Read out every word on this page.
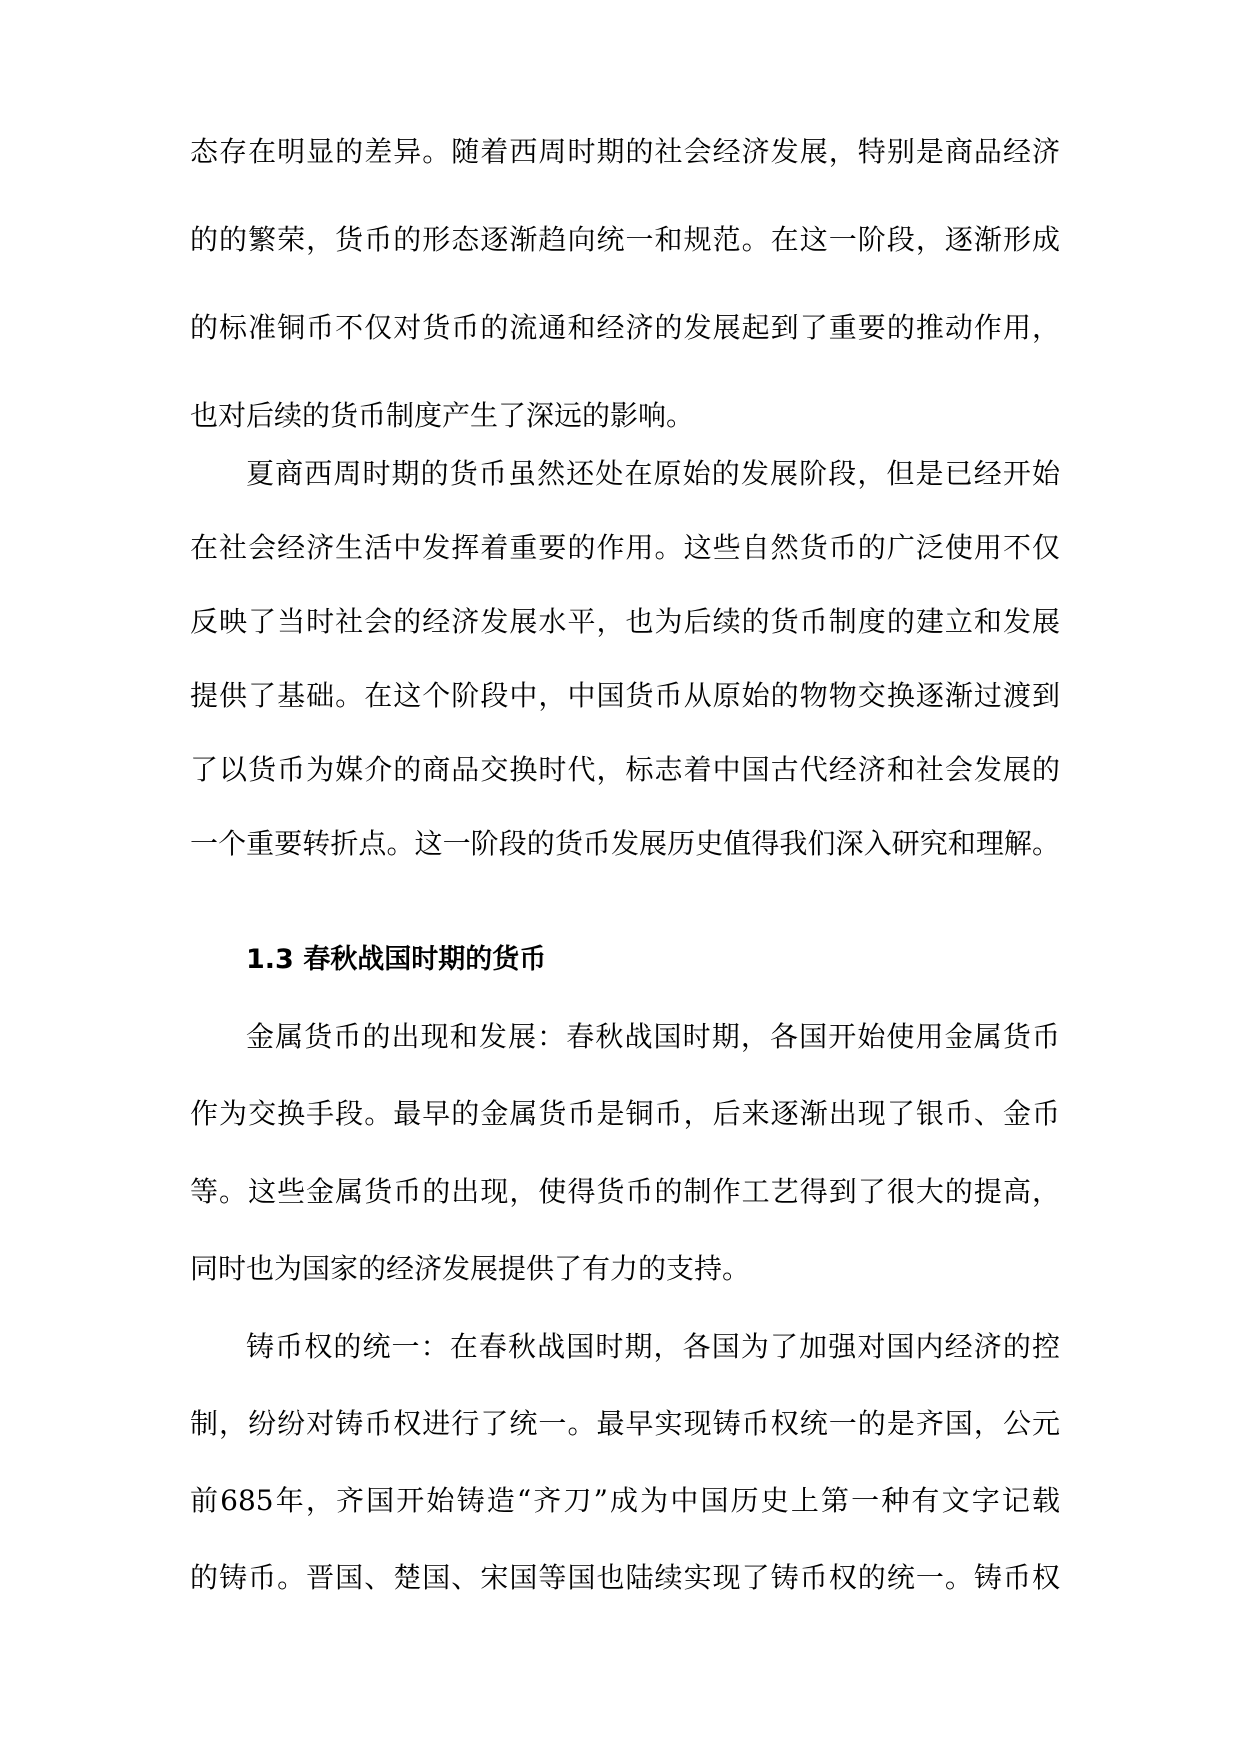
态存在明显的差异。随着西周时期的社会经济发展，特别是商品经济
的的繁荣，货币的形态逐渐趋向统一和规范。在这一阶段，逐渐形成
的标准铜币不仅对货币的流通和经济的发展起到了重要的推动作用，
也对后续的货币制度产生了深远的影响。
夏商西周时期的货币虽然还处在原始的发展阶段，但是已经开始
在社会经济生活中发挥着重要的作用。这些自然货币的广泛使用不仅
反映了当时社会的经济发展水平，也为后续的货币制度的建立和发展
提供了基础。在这个阶段中，中国货币从原始的物物交换逐渐过渡到
了以货币为媒介的商品交换时代，标志着中国古代经济和社会发展的
一个重要转折点。这一阶段的货币发展历史值得我们深入研究和理解。
1.3 春秋战国时期的货币
金属货币的出现和发展：春秋战国时期，各国开始使用金属货币
作为交换手段。最早的金属货币是铜币，后来逐渐出现了银币、金币
等。这些金属货币的出现，使得货币的制作工艺得到了很大的提高，
同时也为国家的经济发展提供了有力的支持。
铸币权的统一：在春秋战国时期，各国为了加强对国内经济的控
制，纷纷对铸币权进行了统一。最早实现铸币权统一的是齐国，公元
前685年，齐国开始铸造“齐刀”成为中国历史上第一种有文字记载
的铸币。晋国、楚国、宋国等国也陆续实现了铸币权的统一。铸币权
